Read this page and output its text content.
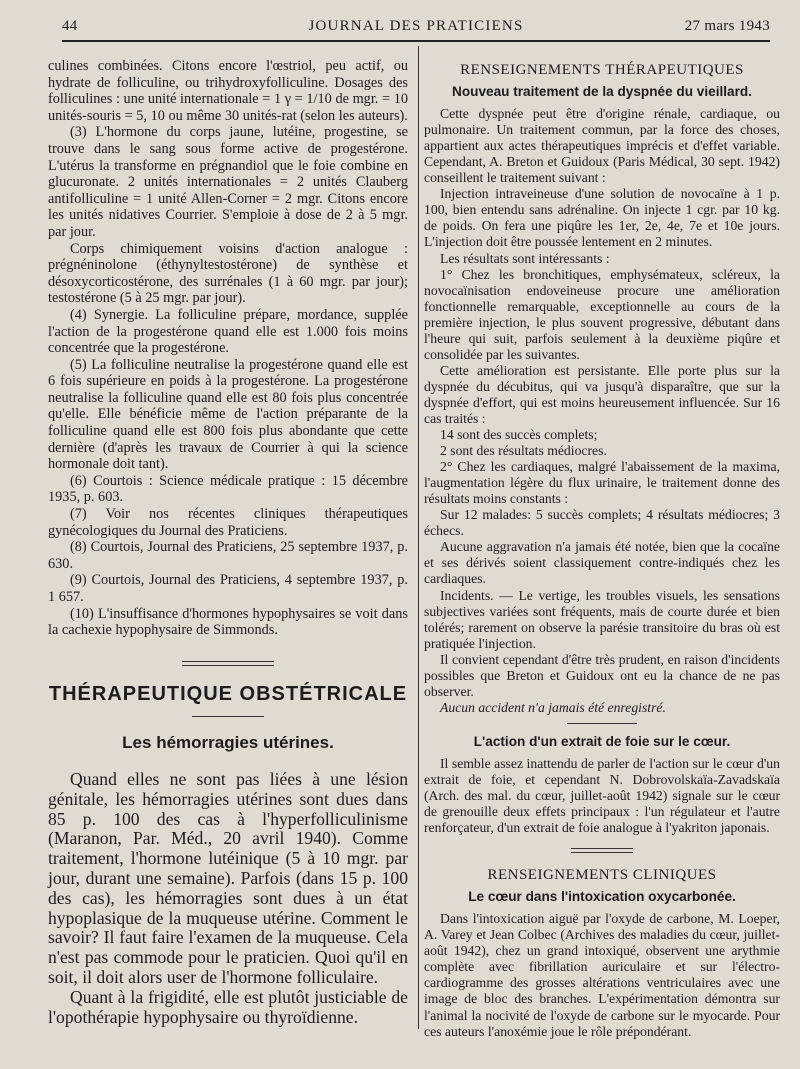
44	JOURNAL DES PRATICIENS	27 mars 1943

culines combinées. Citons encore l'œstriol, peu actif, ou hydrate de folliculine, ou trihydroxyfolliculine. Dosages des folliculines : une unité internationale = 1 γ = 1/10 de mgr. = 10 unités-souris = 5, 10 ou même 30 unités-rat (selon les auteurs).

(3) L'hormone du corps jaune, lutéine, progestine, se trouve dans le sang sous forme active de progestérone. L'utérus la transforme en prégnandiol que le foie combine en glucuronate. 2 unités internationales = 2 unités Clauberg antifolliculine = 1 unité Allen-Corner = 2 mgr. Citons encore les unités nidatives Courrier. S'emploie à dose de 2 à 5 mgr. par jour.

Corps chimiquement voisins d'action analogue : prégnéninolone (éthynyltestostérone) de synthèse et désoxycorticostérone, des surrénales (1 à 60 mgr. par jour); testostérone (5 à 25 mgr. par jour).

(4) Synergie. La folliculine prépare, mordance, supplée l'action de la progestérone quand elle est 1.000 fois moins concentrée que la progestérone.

(5) La folliculine neutralise la progestérone quand elle est 6 fois supérieure en poids à la progestérone. La progestérone neutralise la folliculine quand elle est 80 fois plus concentrée qu'elle. Elle bénéficie même de l'action préparante de la folliculine quand elle est 800 fois plus abondante que cette dernière (d'après les travaux de Courrier à qui la science hormonale doit tant).

(6) Courtois : Science médicale pratique : 15 décembre 1935, p. 603.

(7) Voir nos récentes cliniques thérapeutiques gynécologiques du Journal des Praticiens.

(8) Courtois, Journal des Praticiens, 25 septembre 1937, p. 630.

(9) Courtois, Journal des Praticiens, 4 septembre 1937, p. 1 657.

(10) L'insuffisance d'hormones hypophysaires se voit dans la cachexie hypophysaire de Simmonds.

THÉRAPEUTIQUE OBSTÉTRICALE

Les hémorragies utérines.

Quand elles ne sont pas liées à une lésion génitale, les hémorragies utérines sont dues dans 85 p. 100 des cas à l'hyperfolliculinisme (Maranon, Par. Méd., 20 avril 1940). Comme traitement, l'hormone lutéinique (5 à 10 mgr. par jour, durant une semaine). Parfois (dans 15 p. 100 des cas), les hémorragies sont dues à un état hypoplasique de la muqueuse utérine. Comment le savoir? Il faut faire l'examen de la muqueuse. Cela n'est pas commode pour le praticien. Quoi qu'il en soit, il doit alors user de l'hormone folliculaire.

Quant à la frigidité, elle est plutôt justiciable de l'opothérapie hypophysaire ou thyroïdienne.

RENSEIGNEMENTS THÉRAPEUTIQUES

Nouveau traitement de la dyspnée du vieillard.

Cette dyspnée peut être d'origine rénale, cardiaque, ou pulmonaire. Un traitement commun, par la force des choses, appartient aux actes thérapeutiques imprécis et d'effet variable. Cependant, A. Breton et Guidoux (Paris Médical, 30 sept. 1942) conseillent le traitement suivant :

Injection intraveineuse d'une solution de novocaïne à 1 p. 100, bien entendu sans adrénaline. On injecte 1 cgr. par 10 kg. de poids. On fera une piqûre les 1er, 2e, 4e, 7e et 10e jours. L'injection doit être poussée lentement en 2 minutes.

Les résultats sont intéressants :

1° Chez les bronchitiques, emphysémateux, scléreux, la novocaïnisation endoveineuse procure une amélioration fonctionnelle remarquable, exceptionnelle au cours de la première injection, le plus souvent progressive, débutant dans l'heure qui suit, parfois seulement à la deuxième piqûre et consolidée par les suivantes.

Cette amélioration est persistante. Elle porte plus sur la dyspnée du décubitus, qui va jusqu'à disparaître, que sur la dyspnée d'effort, qui est moins heureusement influencée. Sur 16 cas traités :

14 sont des succès complets;

2 sont des résultats médiocres.

2° Chez les cardiaques, malgré l'abaissement de la maxima, l'augmentation légère du flux urinaire, le traitement donne des résultats moins constants :

Sur 12 malades: 5 succès complets; 4 résultats médiocres; 3 échecs.

Aucune aggravation n'a jamais été notée, bien que la cocaïne et ses dérivés soient classiquement contre-indiqués chez les cardiaques.

Incidents. — Le vertige, les troubles visuels, les sensations subjectives variées sont fréquents, mais de courte durée et bien tolérés; rarement on observe la parésie transitoire du bras où est pratiquée l'injection.

Il convient cependant d'être très prudent, en raison d'incidents possibles que Breton et Guidoux ont eu la chance de ne pas observer.

Aucun accident n'a jamais été enregistré.

L'action d'un extrait de foie sur le cœur.

Il semble assez inattendu de parler de l'action sur le cœur d'un extrait de foie, et cependant N. Dobrovolskaïa-Zavadskaïa (Arch. des mal. du cœur, juillet-août 1942) signale sur le cœur de grenouille deux effets principaux : l'un régulateur et l'autre renforçateur, d'un extrait de foie analogue à l'yakriton japonais.

RENSEIGNEMENTS CLINIQUES

Le cœur dans l'intoxication oxycarbonée.

Dans l'intoxication aiguë par l'oxyde de carbone, M. Loeper, A. Varey et Jean Colbec (Archives des maladies du cœur, juillet-août 1942), chez un grand intoxiqué, observent une arythmie complète avec fibrillation auriculaire et sur l'électro-cardiogramme des grosses altérations ventriculaires avec une image de bloc des branches. L'expérimentation démontra sur l'animal la nocivité de l'oxyde de carbone sur le myocarde. Pour ces auteurs l'anoxémie joue le rôle prépondérant.
